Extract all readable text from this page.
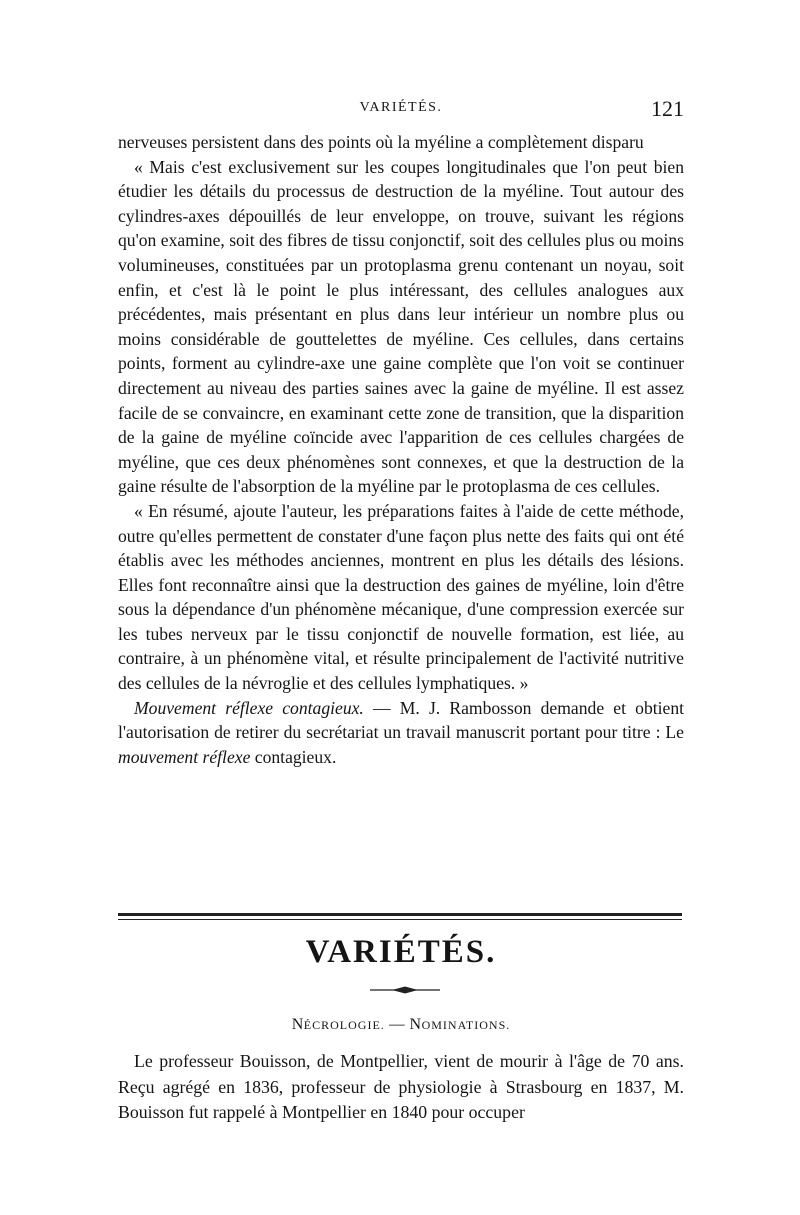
VARIÉTÉS.	121

nerveuses persistent dans des points où la myéline a complètement disparu

« Mais c'est exclusivement sur les coupes longitudinales que l'on peut bien étudier les détails du processus de destruction de la myéline. Tout autour des cylindres-axes dépouillés de leur enveloppe, on trouve, suivant les régions qu'on examine, soit des fibres de tissu conjonctif, soit des cellules plus ou moins volumineuses, constituées par un protoplasma grenu contenant un noyau, soit enfin, et c'est là le point le plus intéressant, des cellules analogues aux précédentes, mais présentant en plus dans leur intérieur un nombre plus ou moins considérable de gouttelettes de myéline. Ces cellules, dans certains points, forment au cylindre-axe une gaine complète que l'on voit se continuer directement au niveau des parties saines avec la gaine de myéline. Il est assez facile de se convaincre, en examinant cette zone de transition, que la disparition de la gaine de myéline coïncide avec l'apparition de ces cellules chargées de myéline, que ces deux phénomènes sont connexes, et que la destruction de la gaine résulte de l'absorption de la myéline par le protoplasma de ces cellules.

« En résumé, ajoute l'auteur, les préparations faites à l'aide de cette méthode, outre qu'elles permettent de constater d'une façon plus nette des faits qui ont été établis avec les méthodes anciennes, montrent en plus les détails des lésions. Elles font reconnaître ainsi que la destruction des gaines de myéline, loin d'être sous la dépendance d'un phénomène mécanique, d'une compression exercée sur les tubes nerveux par le tissu conjonctif de nouvelle formation, est liée, au contraire, à un phénomène vital, et résulte principalement de l'activité nutritive des cellules de la névroglie et des cellules lymphatiques. »

Mouvement réflexe contagieux. — M. J. Rambosson demande et obtient l'autorisation de retirer du secrétariat un travail manuscrit portant pour titre : Le mouvement réflexe contagieux.

VARIÉTÉS.
NÉCROLOGIE. — NOMINATIONS.

Le professeur Bouisson, de Montpellier, vient de mourir à l'âge de 70 ans. Reçu agrégé en 1836, professeur de physiologie à Strasbourg en 1837, M. Bouisson fut rappelé à Montpellier en 1840 pour occuper
